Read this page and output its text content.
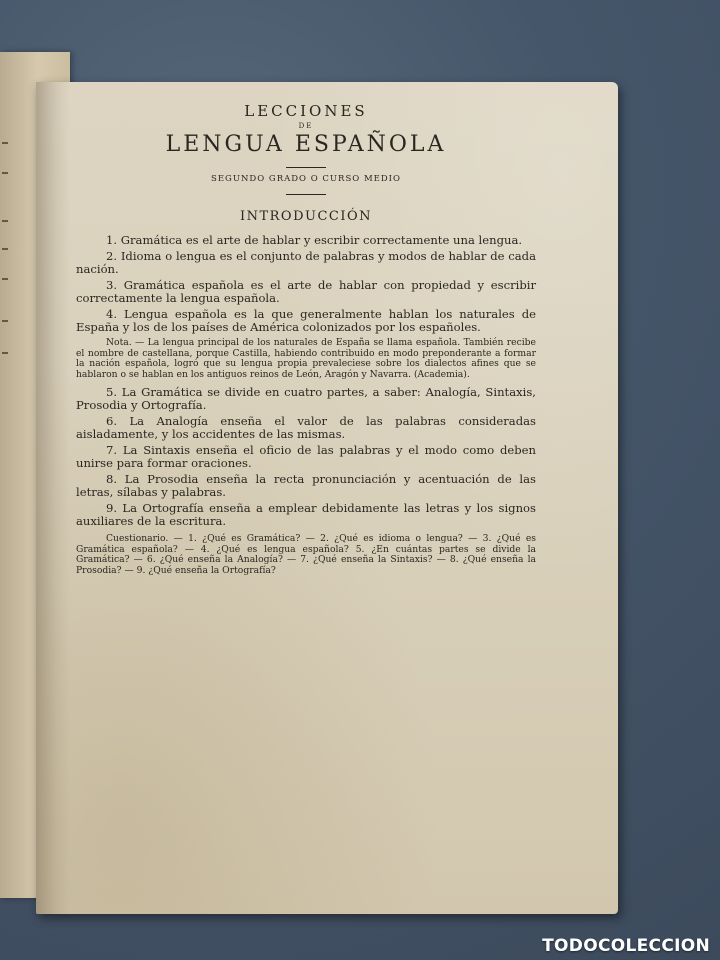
LECCIONES

DE

LENGUA ESPAÑOLA

SEGUNDO GRADO O CURSO MEDIO

INTRODUCCIÓN

1. Gramática es el arte de hablar y escribir correctamente una lengua.

2. Idioma o lengua es el conjunto de palabras y modos de hablar de cada nación.

3. Gramática española es el arte de hablar con propiedad y escribir correctamente la lengua española.

4. Lengua española es la que generalmente hablan los naturales de España y los de los países de América colonizados por los españoles.

Nota. — La lengua principal de los naturales de España se llama española. También recibe el nombre de castellana, porque Castilla, habiendo contribuido en modo preponderante a formar la nación española, logró que su lengua propia prevaleciese sobre los dialectos afines que se hablaron o se hablan en los antiguos reinos de León, Aragón y Navarra. (Academia).

5. La Gramática se divide en cuatro partes, a saber: Analogía, Sintaxis, Prosodia y Ortografía.

6. La Analogía enseña el valor de las palabras consideradas aisladamente, y los accidentes de las mismas.

7. La Sintaxis enseña el oficio de las palabras y el modo como deben unirse para formar oraciones.

8. La Prosodia enseña la recta pronunciación y acentuación de las letras, sílabas y palabras.

9. La Ortografía enseña a emplear debidamente las letras y los signos auxiliares de la escritura.

Cuestionario. — 1. ¿Qué es Gramática? — 2. ¿Qué es idioma o lengua? — 3. ¿Qué es Gramática española? — 4. ¿Qué es lengua española? 5. ¿En cuántas partes se divide la Gramática? — 6. ¿Qué enseña la Analogía? — 7. ¿Qué enseña la Sintaxis? — 8. ¿Qué enseña la Prosodia? — 9. ¿Qué enseña la Ortografía?

TODOCOLECCION
